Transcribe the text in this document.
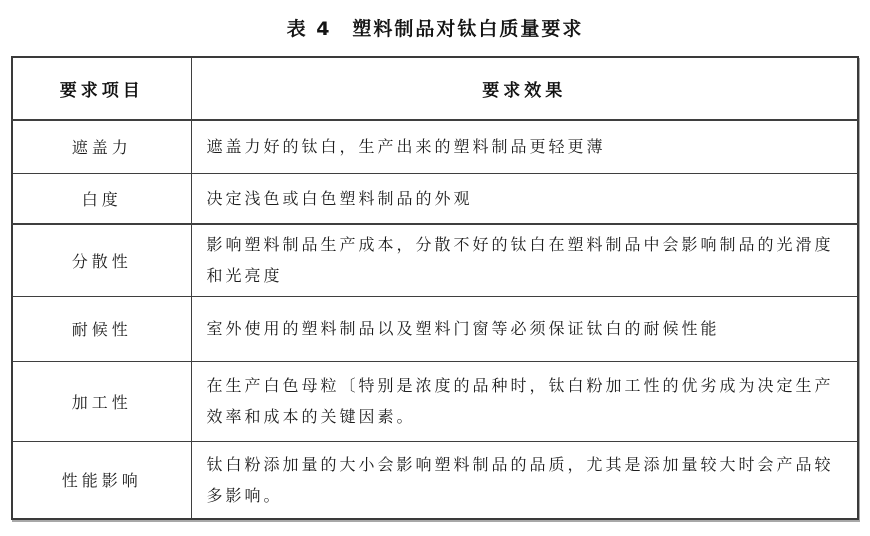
表 4　塑料制品对钛白质量要求
要求项目	要求效果
遮盖力	遮盖力好的钛白，生产出来的塑料制品更轻更薄
白度	决定浅色或白色塑料制品的外观
分散性	影响塑料制品生产成本，分散不好的钛白在塑料制品中会影响制品的光滑度和光亮度
耐候性	室外使用的塑料制品以及塑料门窗等必须保证钛白的耐候性能
加工性	在生产白色母粒〔特别是浓度的品种时，钛白粉加工性的优劣成为决定生产效率和成本的关键因素。
性能影响	钛白粉添加量的大小会影响塑料制品的品质，尤其是添加量较大时会产品较多影响。
